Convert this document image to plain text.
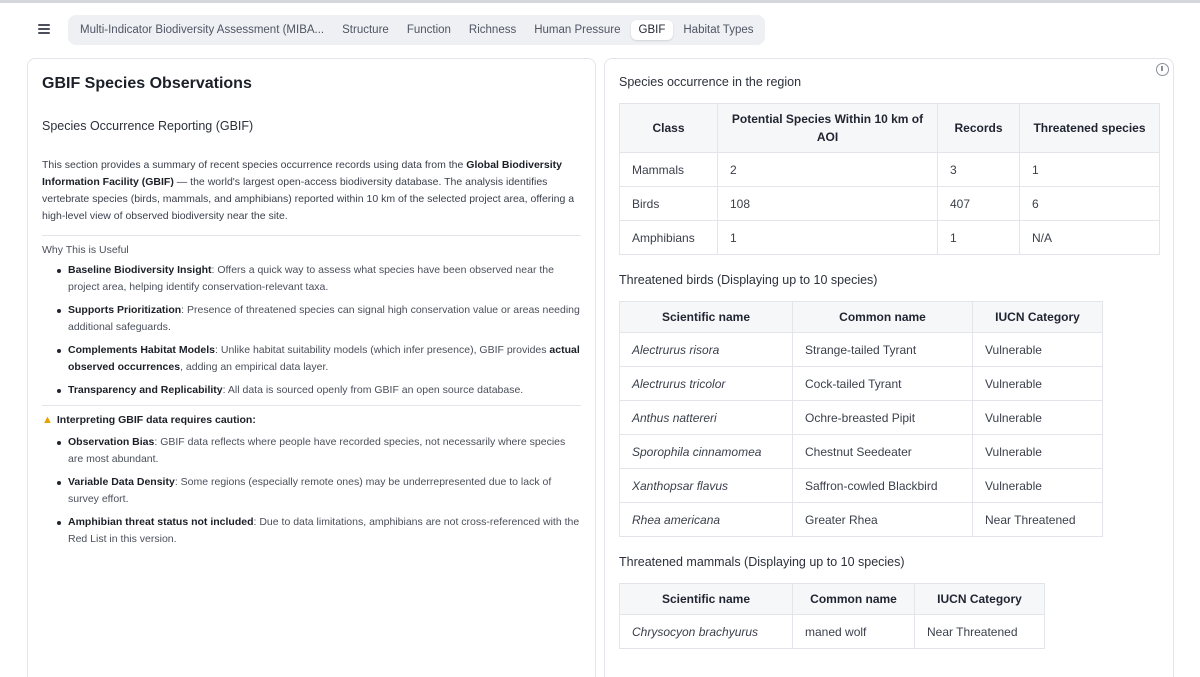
Multi-Indicator Biodiversity Assessment (MIBA...	Structure	Function	Richness	Human Pressure	GBIF	Habitat Types
GBIF Species Observations
Species Occurrence Reporting (GBIF)

This section provides a summary of recent species occurrence records using data from the Global Biodiversity Information Facility (GBIF) — the world's largest open-access biodiversity database. The analysis identifies vertebrate species (birds, mammals, and amphibians) reported within 10 km of the selected project area, offering a high-level view of observed biodiversity near the site.

Why This is Useful
Baseline Biodiversity Insight: Offers a quick way to assess what species have been observed near the project area, helping identify conservation-relevant taxa.
Supports Prioritization: Presence of threatened species can signal high conservation value or areas needing additional safeguards.
Complements Habitat Models: Unlike habitat suitability models (which infer presence), GBIF provides actual observed occurrences, adding an empirical data layer.
Transparency and Replicability: All data is sourced openly from GBIF an open source database.
▲ Interpreting GBIF data requires caution:
Observation Bias: GBIF data reflects where people have recorded species, not necessarily where species are most abundant.
Variable Data Density: Some regions (especially remote ones) may be underrepresented due to lack of survey effort.
Amphibian threat status not included: Due to data limitations, amphibians are not cross-referenced with the Red List in this version.
Species occurrence in the region
Class	Potential Species Within 10 km of AOI	Records	Threatened species
Mammals	2	3	1
Birds	108	407	6
Amphibians	1	1	N/A
Threatened birds (Displaying up to 10 species)
Scientific name	Common name	IUCN Category
Alectrurus risora	Strange-tailed Tyrant	Vulnerable
Alectrurus tricolor	Cock-tailed Tyrant	Vulnerable
Anthus nattereri	Ochre-breasted Pipit	Vulnerable
Sporophila cinnamomea	Chestnut Seedeater	Vulnerable
Xanthopsar flavus	Saffron-cowled Blackbird	Vulnerable
Rhea americana	Greater Rhea	Near Threatened
Threatened mammals (Displaying up to 10 species)
Scientific name	Common name	IUCN Category
Chrysocyon brachyurus	maned wolf	Near Threatened
